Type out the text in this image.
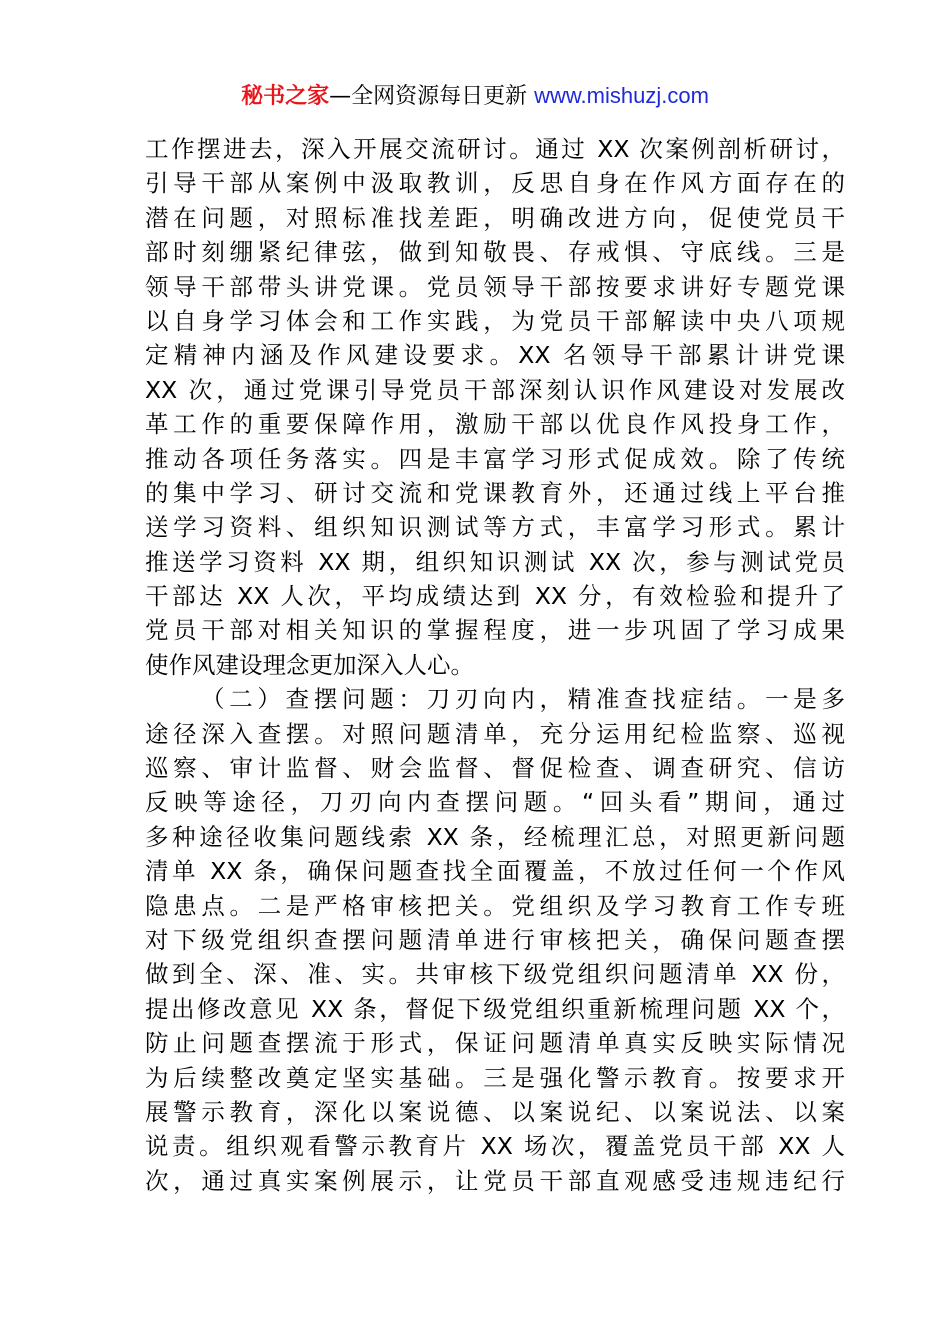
秘书之家—全网资源每日更新 www.mishuzj.com
工作摆进去，深入开展交流研讨。通过 XX 次案例剖析研讨，
引导干部从案例中汲取教训，反思自身在作风方面存在的
潜在问题，对照标准找差距，明确改进方向，促使党员干
部时刻绷紧纪律弦，做到知敬畏、存戒惧、守底线。三是
领导干部带头讲党课。党员领导干部按要求讲好专题党课
以自身学习体会和工作实践，为党员干部解读中央八项规
定精神内涵及作风建设要求。XX 名领导干部累计讲党课
XX 次，通过党课引导党员干部深刻认识作风建设对发展改
革工作的重要保障作用，激励干部以优良作风投身工作，
推动各项任务落实。四是丰富学习形式促成效。除了传统
的集中学习、研讨交流和党课教育外，还通过线上平台推
送学习资料、组织知识测试等方式，丰富学习形式。累计
推送学习资料 XX 期，组织知识测试 XX 次，参与测试党员
干部达 XX 人次，平均成绩达到 XX 分，有效检验和提升了
党员干部对相关知识的掌握程度，进一步巩固了学习成果
使作风建设理念更加深入人心。
（二）查摆问题：刀刃向内，精准查找症结。一是多
途径深入查摆。对照问题清单，充分运用纪检监察、巡视
巡察、审计监督、财会监督、督促检查、调查研究、信访
反映等途径，刀刃向内查摆问题。“回头看”期间，通过
多种途径收集问题线索 XX 条，经梳理汇总，对照更新问题
清单 XX 条，确保问题查找全面覆盖，不放过任何一个作风
隐患点。二是严格审核把关。党组织及学习教育工作专班
对下级党组织查摆问题清单进行审核把关，确保问题查摆
做到全、深、准、实。共审核下级党组织问题清单 XX 份，
提出修改意见 XX 条，督促下级党组织重新梳理问题 XX 个，
防止问题查摆流于形式，保证问题清单真实反映实际情况
为后续整改奠定坚实基础。三是强化警示教育。按要求开
展警示教育，深化以案说德、以案说纪、以案说法、以案
说责。组织观看警示教育片 XX 场次，覆盖党员干部 XX 人
次，通过真实案例展示，让党员干部直观感受违规违纪行
